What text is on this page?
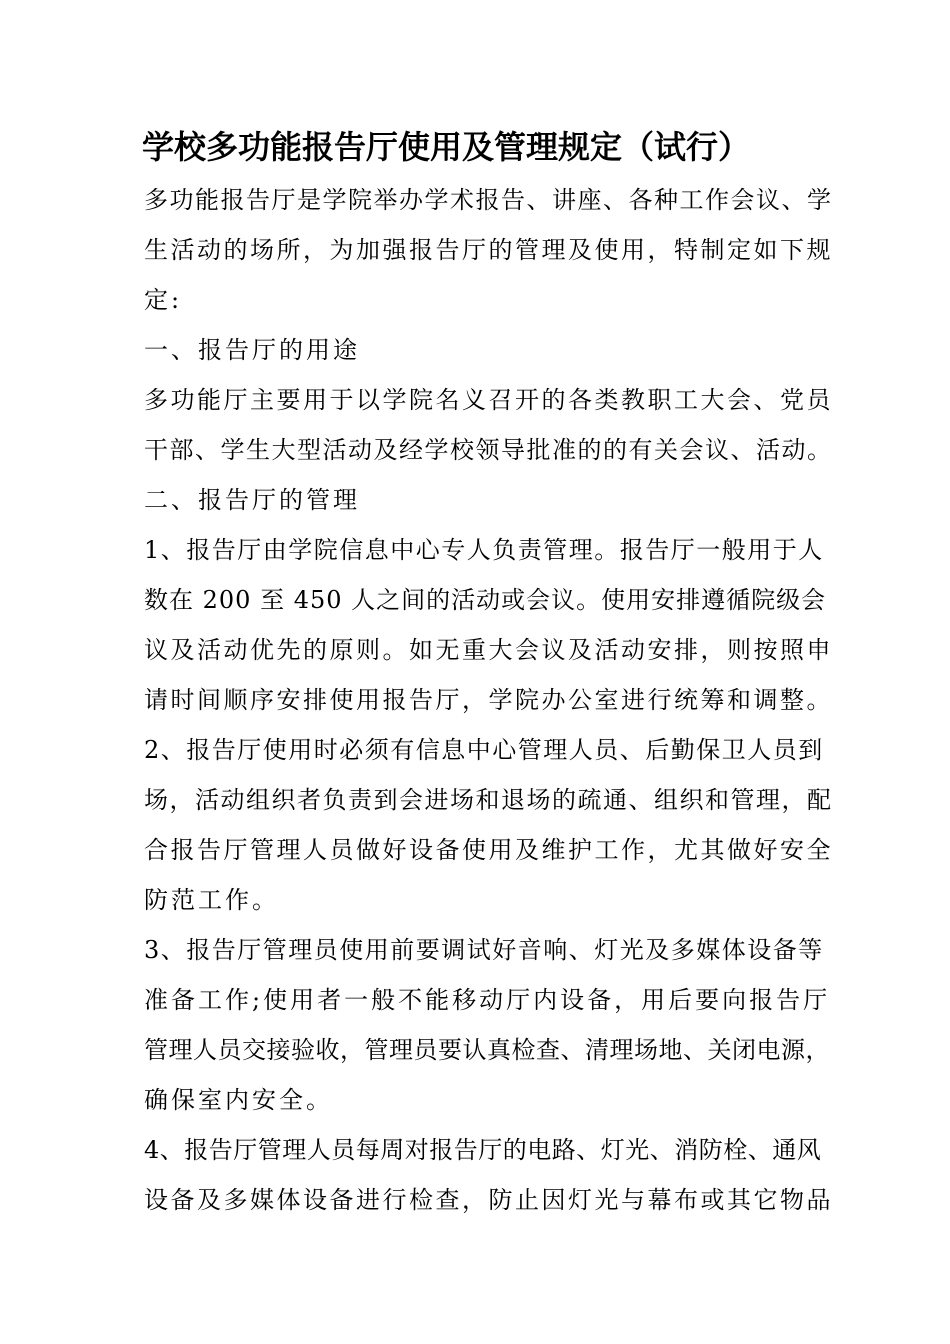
学校多功能报告厅使用及管理规定（试行）

多功能报告厅是学院举办学术报告、讲座、各种工作会议、学

生活动的场所，为加强报告厅的管理及使用，特制定如下规

定:

一、报告厅的用途

多功能厅主要用于以学院名义召开的各类教职工大会、党员

干部、学生大型活动及经学校领导批准的的有关会议、活动。

二、报告厅的管理

1、报告厅由学院信息中心专人负责管理。报告厅一般用于人

数在 200 至 450 人之间的活动或会议。使用安排遵循院级会

议及活动优先的原则。如无重大会议及活动安排，则按照申

请时间顺序安排使用报告厅，学院办公室进行统筹和调整。

2、报告厅使用时必须有信息中心管理人员、后勤保卫人员到

场，活动组织者负责到会进场和退场的疏通、组织和管理，配

合报告厅管理人员做好设备使用及维护工作，尤其做好安全

防范工作。

3、报告厅管理员使用前要调试好音响、灯光及多媒体设备等

准备工作;使用者一般不能移动厅内设备，用后要向报告厅

管理人员交接验收，管理员要认真检查、清理场地、关闭电源，

确保室内安全。

4、报告厅管理人员每周对报告厅的电路、灯光、消防栓、通风

设备及多媒体设备进行检查，防止因灯光与幕布或其它物品
